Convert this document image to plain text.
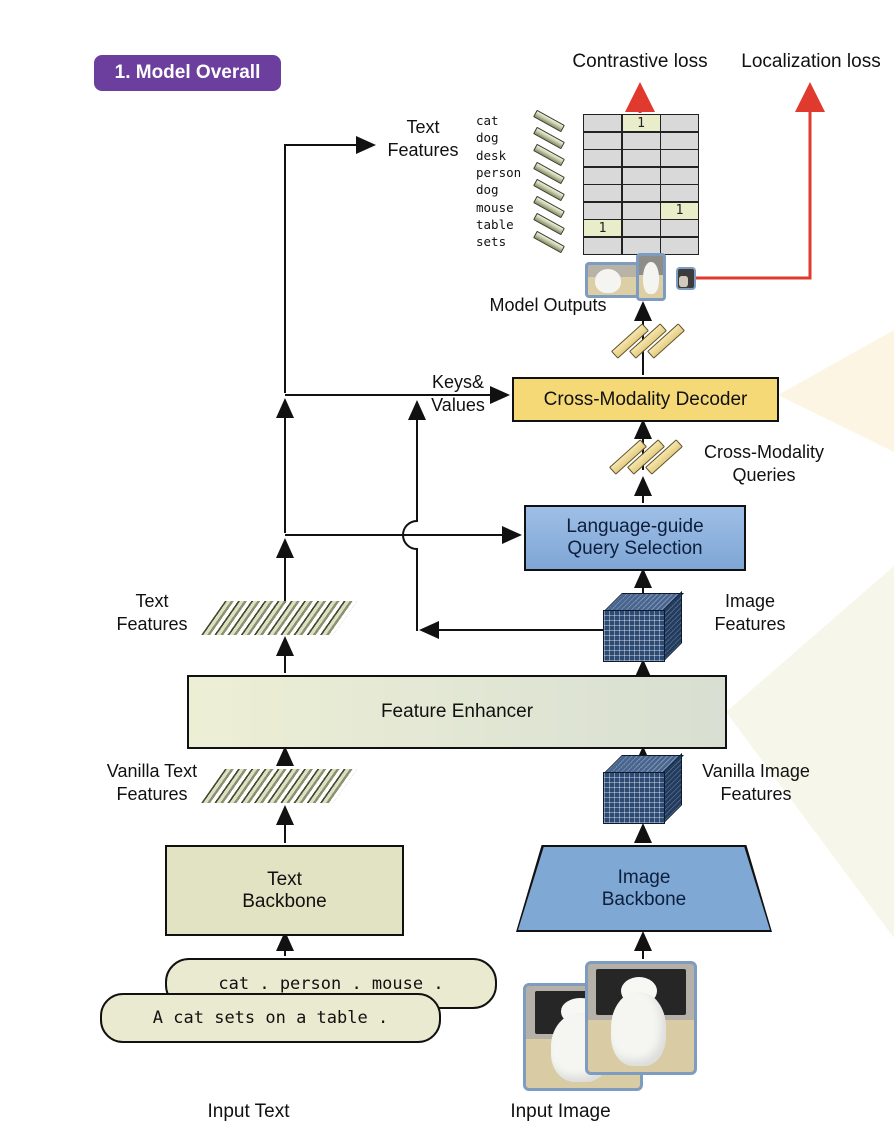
1. Model Overall
Contrastive loss	Localization loss
cat
dog
desk
person
dog
mouse
table
sets
1
1
1
Model Outputs
Keys&
Values	Cross-Modality Decoder
Cross-Modality
Queries
Language-guide
Query Selection
Text
Features
Text
Features
Image
Features
Feature Enhancer
Vanilla Text
Features
Vanilla Image
Features
Text
Backbone
Image
Backbone
cat . person . mouse .
A cat sets on a table .
Input Text	Input Image
